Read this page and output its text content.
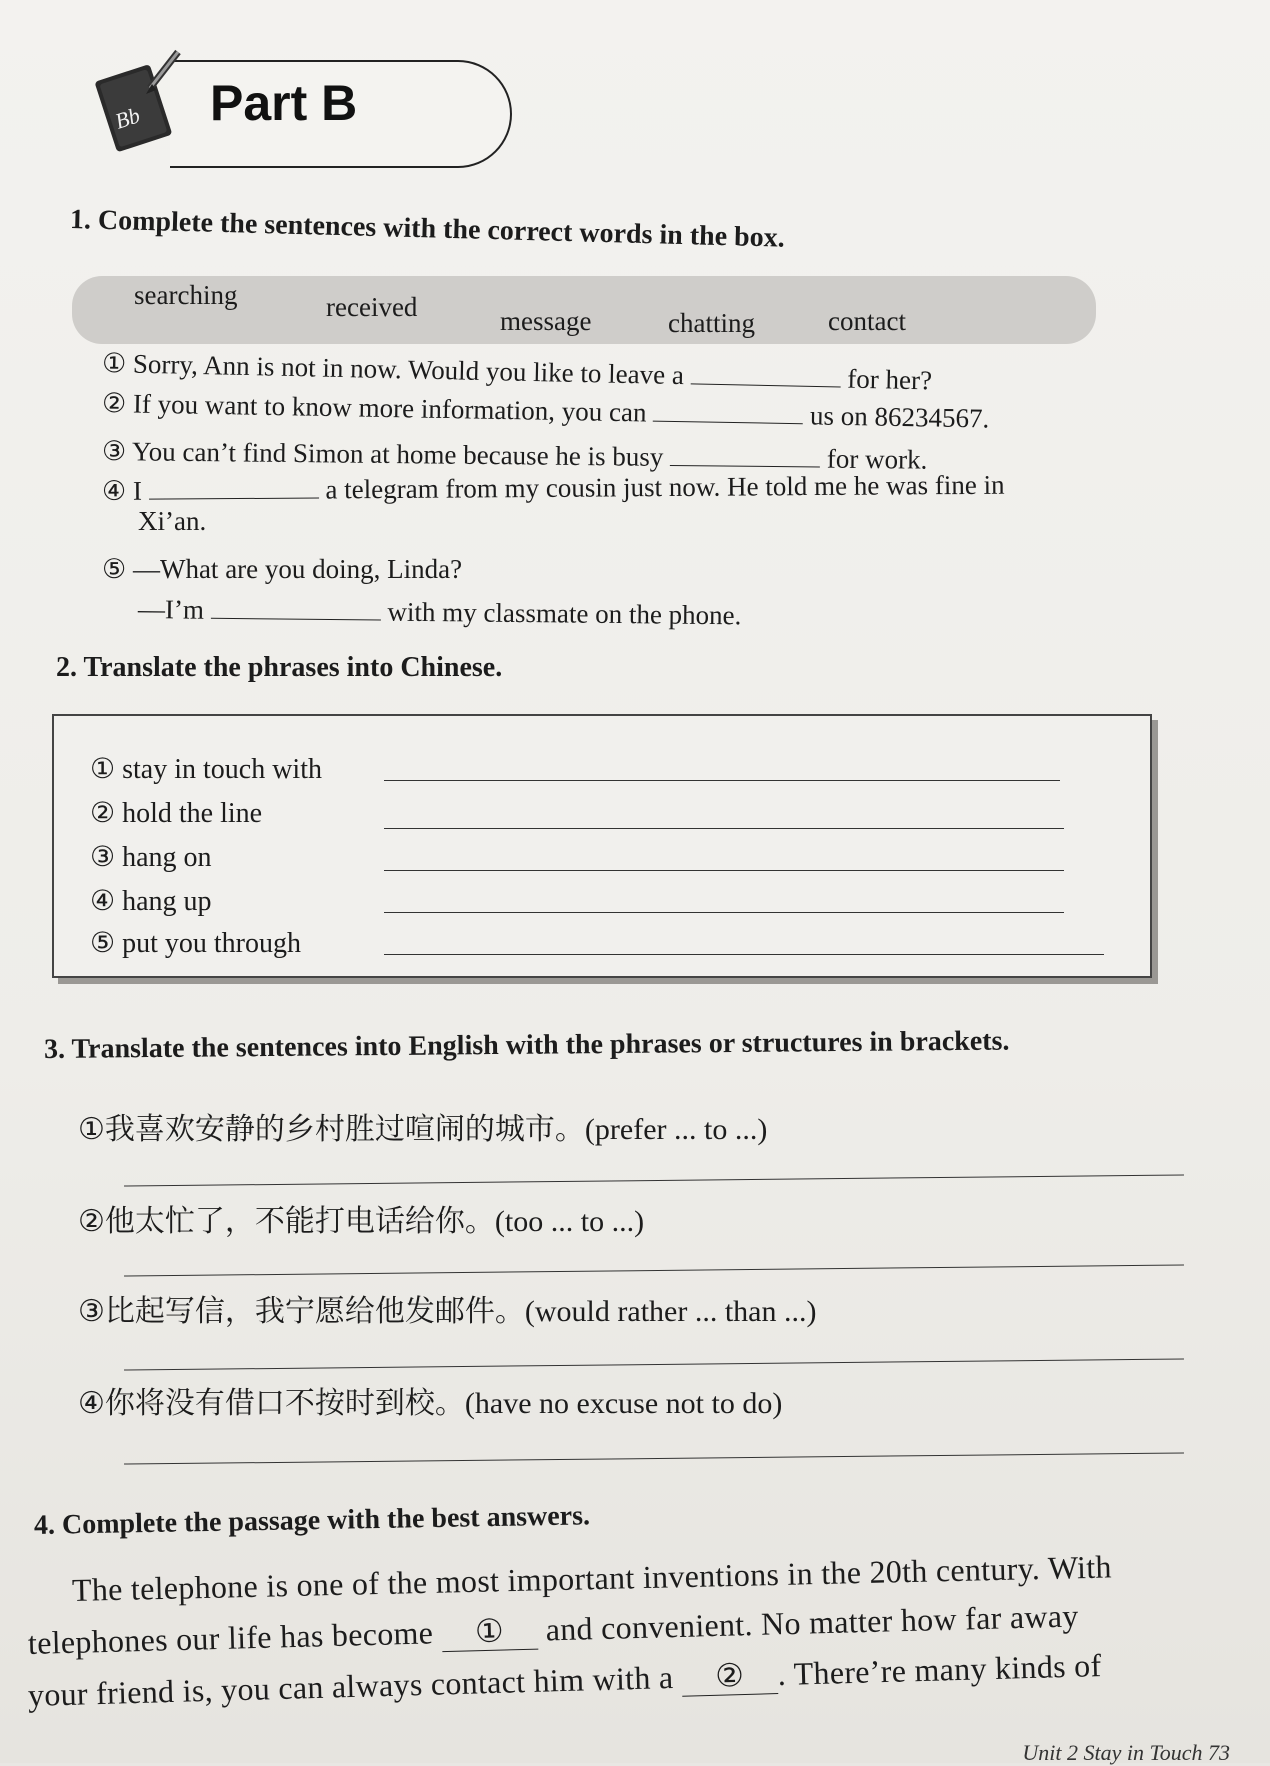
Bb Part B
1. Complete the sentences with the correct words in the box.
searching	received	message	chatting	contact
① Sorry, Ann is not in now. Would you like to leave a	for her?
② If you want to know more information, you can	us on 86234567.
③ You can’t find Simon at home because he is busy	for work.
④ I	a telegram from my cousin just now. He told me he was fine in
Xi’an.
⑤ —What are you doing, Linda?
—I’m	with my classmate on the phone.
2. Translate the phrases into Chinese.
① stay in touch with
② hold the line
③ hang on
④ hang up
⑤ put you through
3. Translate the sentences into English with the phrases or structures in brackets.
①我喜欢安静的乡村胜过喧闹的城市。(prefer ... to ...)
②他太忙了，不能打电话给你。(too ... to ...)
③比起写信，我宁愿给他发邮件。(would rather ... than ...)
④你将没有借口不按时到校。(have no excuse not to do)
4. Complete the passage with the best answers.
The telephone is one of the most important inventions in the 20th century. With
telephones our life has become ① and convenient. No matter how far away
your friend is, you can always contact him with a ② . There’re many kinds of
Unit 2 Stay in Touch 73
